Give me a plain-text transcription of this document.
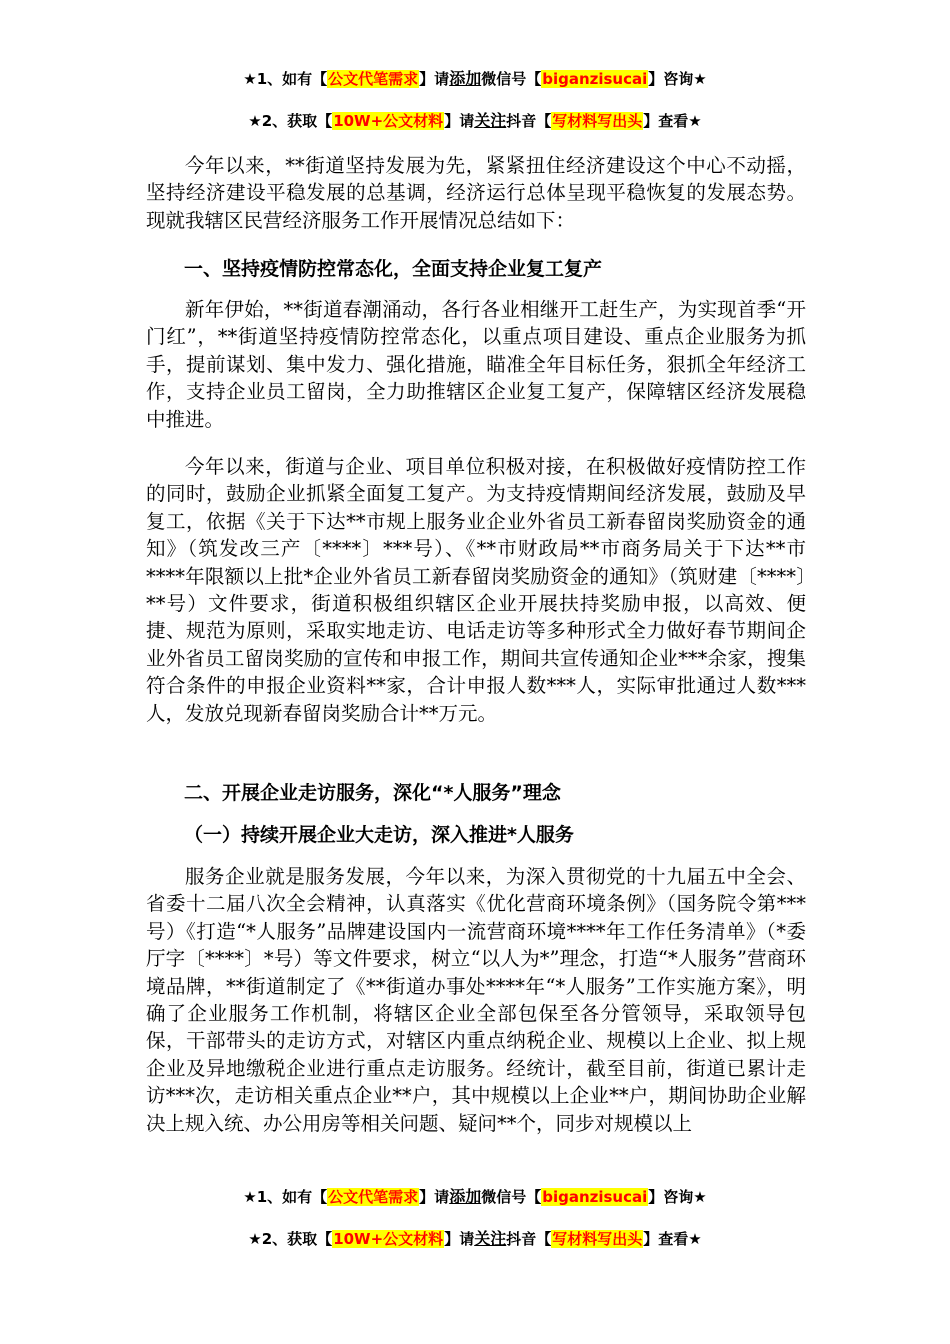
★1、如有【公文代笔需求】请添加微信号【biganzisucai】咨询★
★2、获取【10W+公文材料】请关注抖音【写材料写出头】查看★

今年以来，**街道坚持发展为先，紧紧扭住经济建设这个中心不动摇，坚持经济建设平稳发展的总基调，经济运行总体呈现平稳恢复的发展态势。现就我辖区民营经济服务工作开展情况总结如下：

一、坚持疫情防控常态化，全面支持企业复工复产

新年伊始，**街道春潮涌动，各行各业相继开工赶生产，为实现首季“开门红”，**街道坚持疫情防控常态化，以重点项目建设、重点企业服务为抓手，提前谋划、集中发力、强化措施，瞄准全年目标任务，狠抓全年经济工作，支持企业员工留岗，全力助推辖区企业复工复产，保障辖区经济发展稳中推进。

今年以来，街道与企业、项目单位积极对接，在积极做好疫情防控工作的同时，鼓励企业抓紧全面复工复产。为支持疫情期间经济发展，鼓励及早复工，依据《关于下达**市规上服务业企业外省员工新春留岗奖励资金的通知》（筑发改三产〔****〕***号）、《**市财政局**市商务局关于下达**市****年限额以上批*企业外省员工新春留岗奖励资金的通知》（筑财建〔****〕**号）文件要求，街道积极组织辖区企业开展扶持奖励申报，以高效、便捷、规范为原则，采取实地走访、电话走访等多种形式全力做好春节期间企业外省员工留岗奖励的宣传和申报工作，期间共宣传通知企业***余家，搜集符合条件的申报企业资料**家，合计申报人数***人，实际审批通过人数***人，发放兑现新春留岗奖励合计**万元。

二、开展企业走访服务，深化“*人服务”理念

（一）持续开展企业大走访，深入推进*人服务

服务企业就是服务发展，今年以来，为深入贯彻党的十九届五中全会、省委十二届八次全会精神，认真落实《优化营商环境条例》（国务院令第***号）《打造“*人服务”品牌建设国内一流营商环境****年工作任务清单》（*委厅字〔****〕*号）等文件要求，树立“以人为*”理念，打造“*人服务”营商环境品牌，**街道制定了《**街道办事处****年“*人服务”工作实施方案》，明确了企业服务工作机制，将辖区企业全部包保至各分管领导，采取领导包保，干部带头的走访方式，对辖区内重点纳税企业、规模以上企业、拟上规企业及异地缴税企业进行重点走访服务。经统计，截至目前，街道已累计走访***次，走访相关重点企业**户，其中规模以上企业**户，期间协助企业解决上规入统、办公用房等相关问题、疑问**个，同步对规模以上

★1、如有【公文代笔需求】请添加微信号【biganzisucai】咨询★
★2、获取【10W+公文材料】请关注抖音【写材料写出头】查看★
